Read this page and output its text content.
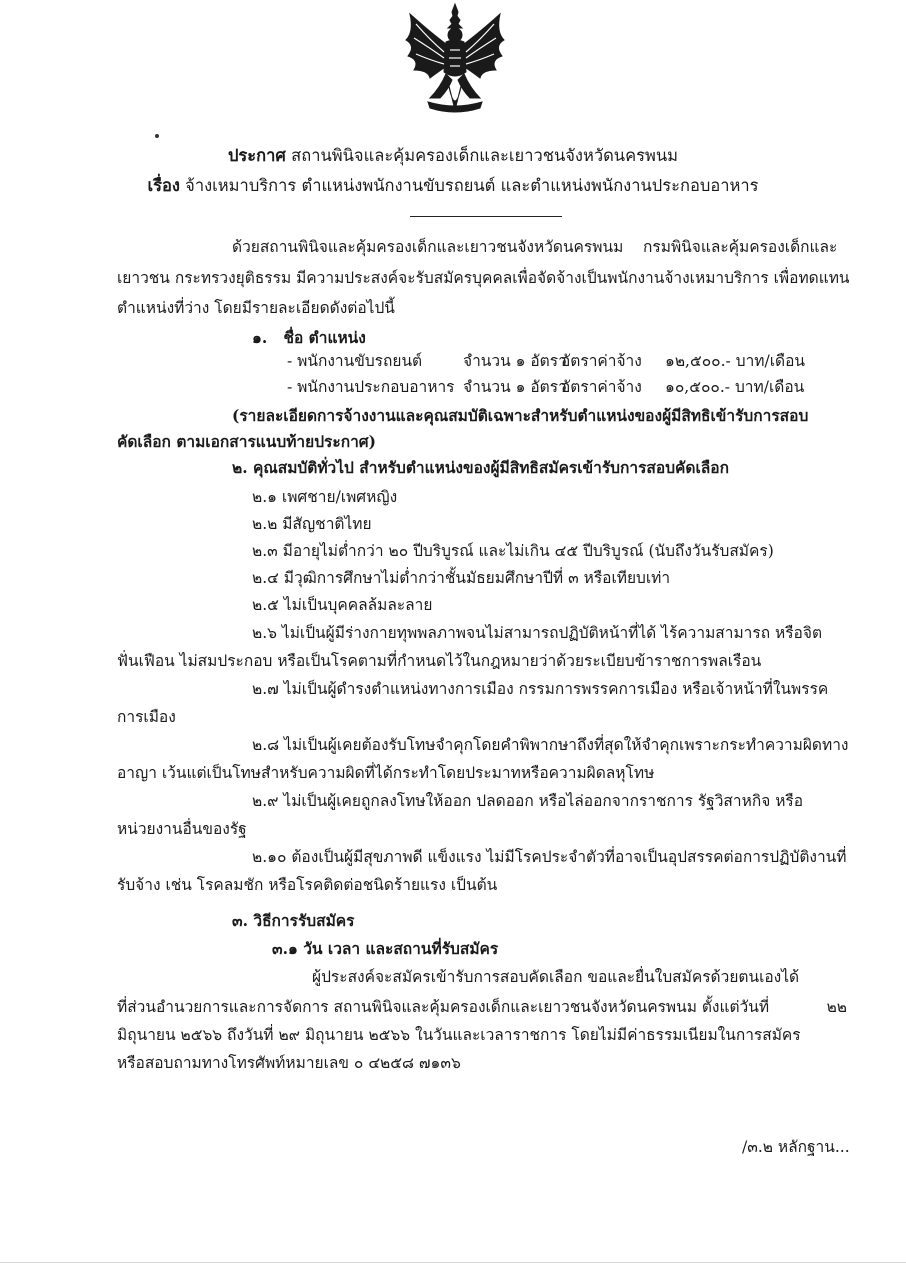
ประกาศ สถานพินิจและคุ้มครองเด็กและเยาวชนจังหวัดนครพนม
เรื่อง จ้างเหมาบริการ ตำแหน่งพนักงานขับรถยนต์ และตำแหน่งพนักงานประกอบอาหาร
ด้วยสถานพินิจและคุ้มครองเด็กและเยาวชนจังหวัดนครพนม กรมพินิจและคุ้มครองเด็กและ
เยาวชน กระทรวงยุติธรรม มีความประสงค์จะรับสมัครบุคคลเพื่อจัดจ้างเป็นพนักงานจ้างเหมาบริการ เพื่อทดแทน
ตำแหน่งที่ว่าง โดยมีรายละเอียดดังต่อไปนี้
๑. ชื่อ ตำแหน่ง
- พนักงานขับรถยนต์	จำนวน ๑ อัตราอัตราค่าจ้าง ๑๒,๕๐๐.- บาท/เดือน
- พนักงานประกอบอาหาร จำนวน ๑ อัตราอัตราค่าจ้าง ๑๐,๕๐๐.- บาท/เดือน
(รายละเอียดการจ้างงานและคุณสมบัติเฉพาะสำหรับตำแหน่งของผู้มีสิทธิเข้ารับการสอบ
คัดเลือก ตามเอกสารแนบท้ายประกาศ)
๒. คุณสมบัติทั่วไป สำหรับตำแหน่งของผู้มีสิทธิสมัครเข้ารับการสอบคัดเลือก
๒.๑ เพศชาย/เพศหญิง
๒.๒ มีสัญชาติไทย
๒.๓ มีอายุไม่ต่ำกว่า ๒๐ ปีบริบูรณ์ และไม่เกิน ๔๕ ปีบริบูรณ์ (นับถึงวันรับสมัคร)
๒.๔ มีวุฒิการศึกษาไม่ต่ำกว่าชั้นมัธยมศึกษาปีที่ ๓ หรือเทียบเท่า
๒.๕ ไม่เป็นบุคคลล้มละลาย
๒.๖ ไม่เป็นผู้มีร่างกายทุพพลภาพจนไม่สามารถปฏิบัติหน้าที่ได้ ไร้ความสามารถ หรือจิต
ฟั่นเฟือน ไม่สมประกอบ หรือเป็นโรคตามที่กำหนดไว้ในกฎหมายว่าด้วยระเบียบข้าราชการพลเรือน
๒.๗ ไม่เป็นผู้ดำรงตำแหน่งทางการเมือง กรรมการพรรคการเมือง หรือเจ้าหน้าที่ในพรรค
การเมือง
๒.๘ ไม่เป็นผู้เคยต้องรับโทษจำคุกโดยคำพิพากษาถึงที่สุดให้จำคุกเพราะกระทำความผิดทาง
อาญา เว้นแต่เป็นโทษสำหรับความผิดที่ได้กระทำโดยประมาทหรือความผิดลหุโทษ
๒.๙ ไม่เป็นผู้เคยถูกลงโทษให้ออก ปลดออก หรือไล่ออกจากราชการ รัฐวิสาหกิจ หรือ
หน่วยงานอื่นของรัฐ
๒.๑๐ ต้องเป็นผู้มีสุขภาพดี แข็งแรง ไม่มีโรคประจำตัวที่อาจเป็นอุปสรรคต่อการปฏิบัติงานที่
รับจ้าง เช่น โรคลมชัก หรือโรคติดต่อชนิดร้ายแรง เป็นต้น
๓. วิธีการรับสมัคร
๓.๑ วัน เวลา และสถานที่รับสมัคร
ผู้ประสงค์จะสมัครเข้ารับการสอบคัดเลือก ขอและยื่นใบสมัครด้วยตนเองได้
ที่ส่วนอำนวยการและการจัดการ สถานพินิจและคุ้มครองเด็กและเยาวชนจังหวัดนครพนม ตั้งแต่วันที่	๒๒
มิถุนายน ๒๕๖๖ ถึงวันที่ ๒๙ มิถุนายน ๒๕๖๖ ในวันและเวลาราชการ โดยไม่มีค่าธรรมเนียมในการสมัคร
หรือสอบถามทางโทรศัพท์หมายเลข ๐ ๔๒๕๘ ๗๑๓๖
/๓.๒ หลักฐาน...
